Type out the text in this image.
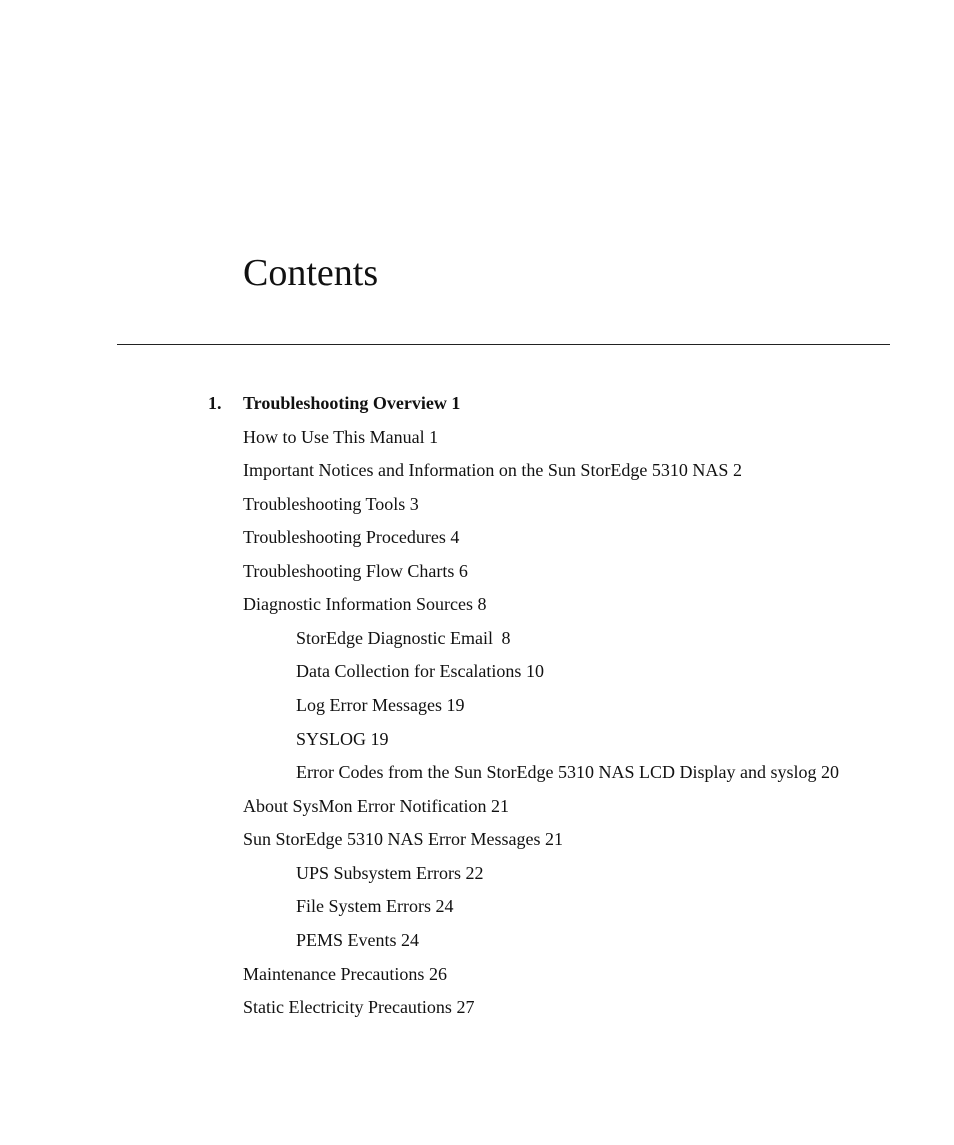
Contents
1. Troubleshooting Overview 1
How to Use This Manual 1
Important Notices and Information on the Sun StorEdge 5310 NAS 2
Troubleshooting Tools 3
Troubleshooting Procedures 4
Troubleshooting Flow Charts 6
Diagnostic Information Sources 8
StorEdge Diagnostic Email 8
Data Collection for Escalations 10
Log Error Messages 19
SYSLOG 19
Error Codes from the Sun StorEdge 5310 NAS LCD Display and syslog 20
About SysMon Error Notification 21
Sun StorEdge 5310 NAS Error Messages 21
UPS Subsystem Errors 22
File System Errors 24
PEMS Events 24
Maintenance Precautions 26
Static Electricity Precautions 27
